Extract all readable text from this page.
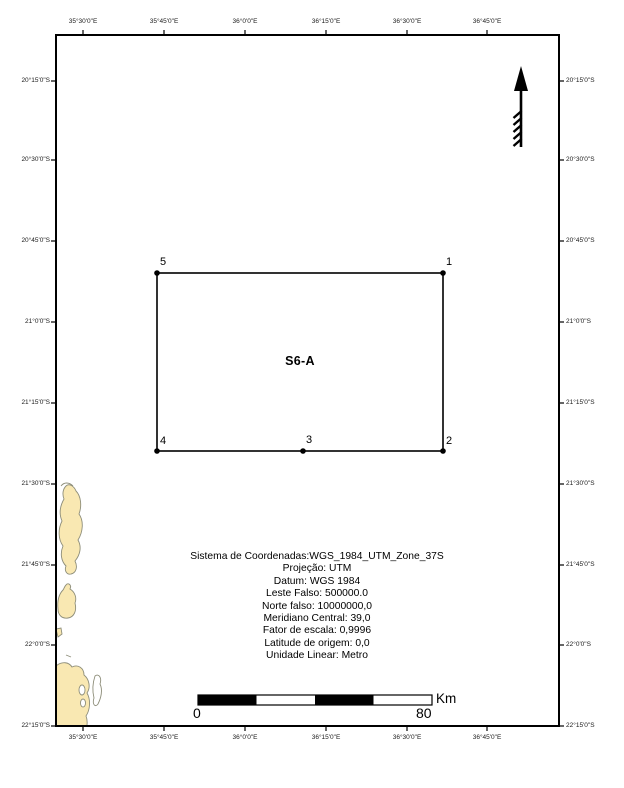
35°30'0"E	35°45'0"E	36°0'0"E	36°15'0"E	36°30'0"E	36°45'0"E
35°30'0"E	35°45'0"E	36°0'0"E	36°15'0"E	36°30'0"E	36°45'0"E
20°15'0"S
20°30'0"S
20°45'0"S
21°0'0"S
21°15'0"S
21°30'0"S
21°45'0"S
22°0'0"S
22°15'0"S
20°15'0"S
20°30'0"S
20°45'0"S
21°0'0"S
21°15'0"S
21°30'0"S
21°45'0"S
22°0'0"S
22°15'0"S
5	1
4	3	2
S6-A
Sistema de Coordenadas:WGS_1984_UTM_Zone_37S
Projeção: UTM
Datum: WGS 1984
Leste Falso: 500000.0
Norte falso: 10000000,0
Meridiano Central: 39,0
Fator de escala: 0,9996
Latitude de origem: 0,0
Unidade Linear: Metro
0	80
Km
